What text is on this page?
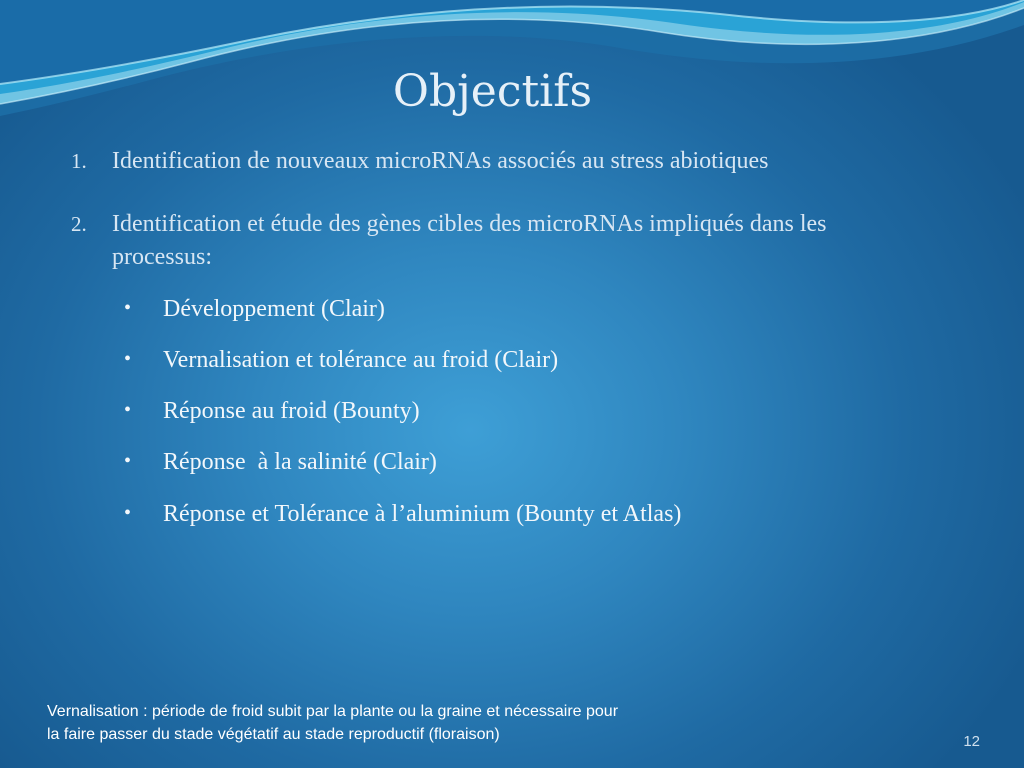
Objectifs
1. Identification de nouveaux microRNAs associés au stress abiotiques
2. Identification et étude des gènes cibles des microRNAs impliqués dans les processus:
• Développement (Clair)
• Vernalisation et tolérance au froid (Clair)
• Réponse au froid (Bounty)
• Réponse  à la salinité (Clair)
• Réponse et Tolérance à l’aluminium (Bounty et Atlas)
Vernalisation : période de froid subit par la plante ou la graine et nécessaire pour
la faire passer du stade végétatif au stade reproductif (floraison)	12
